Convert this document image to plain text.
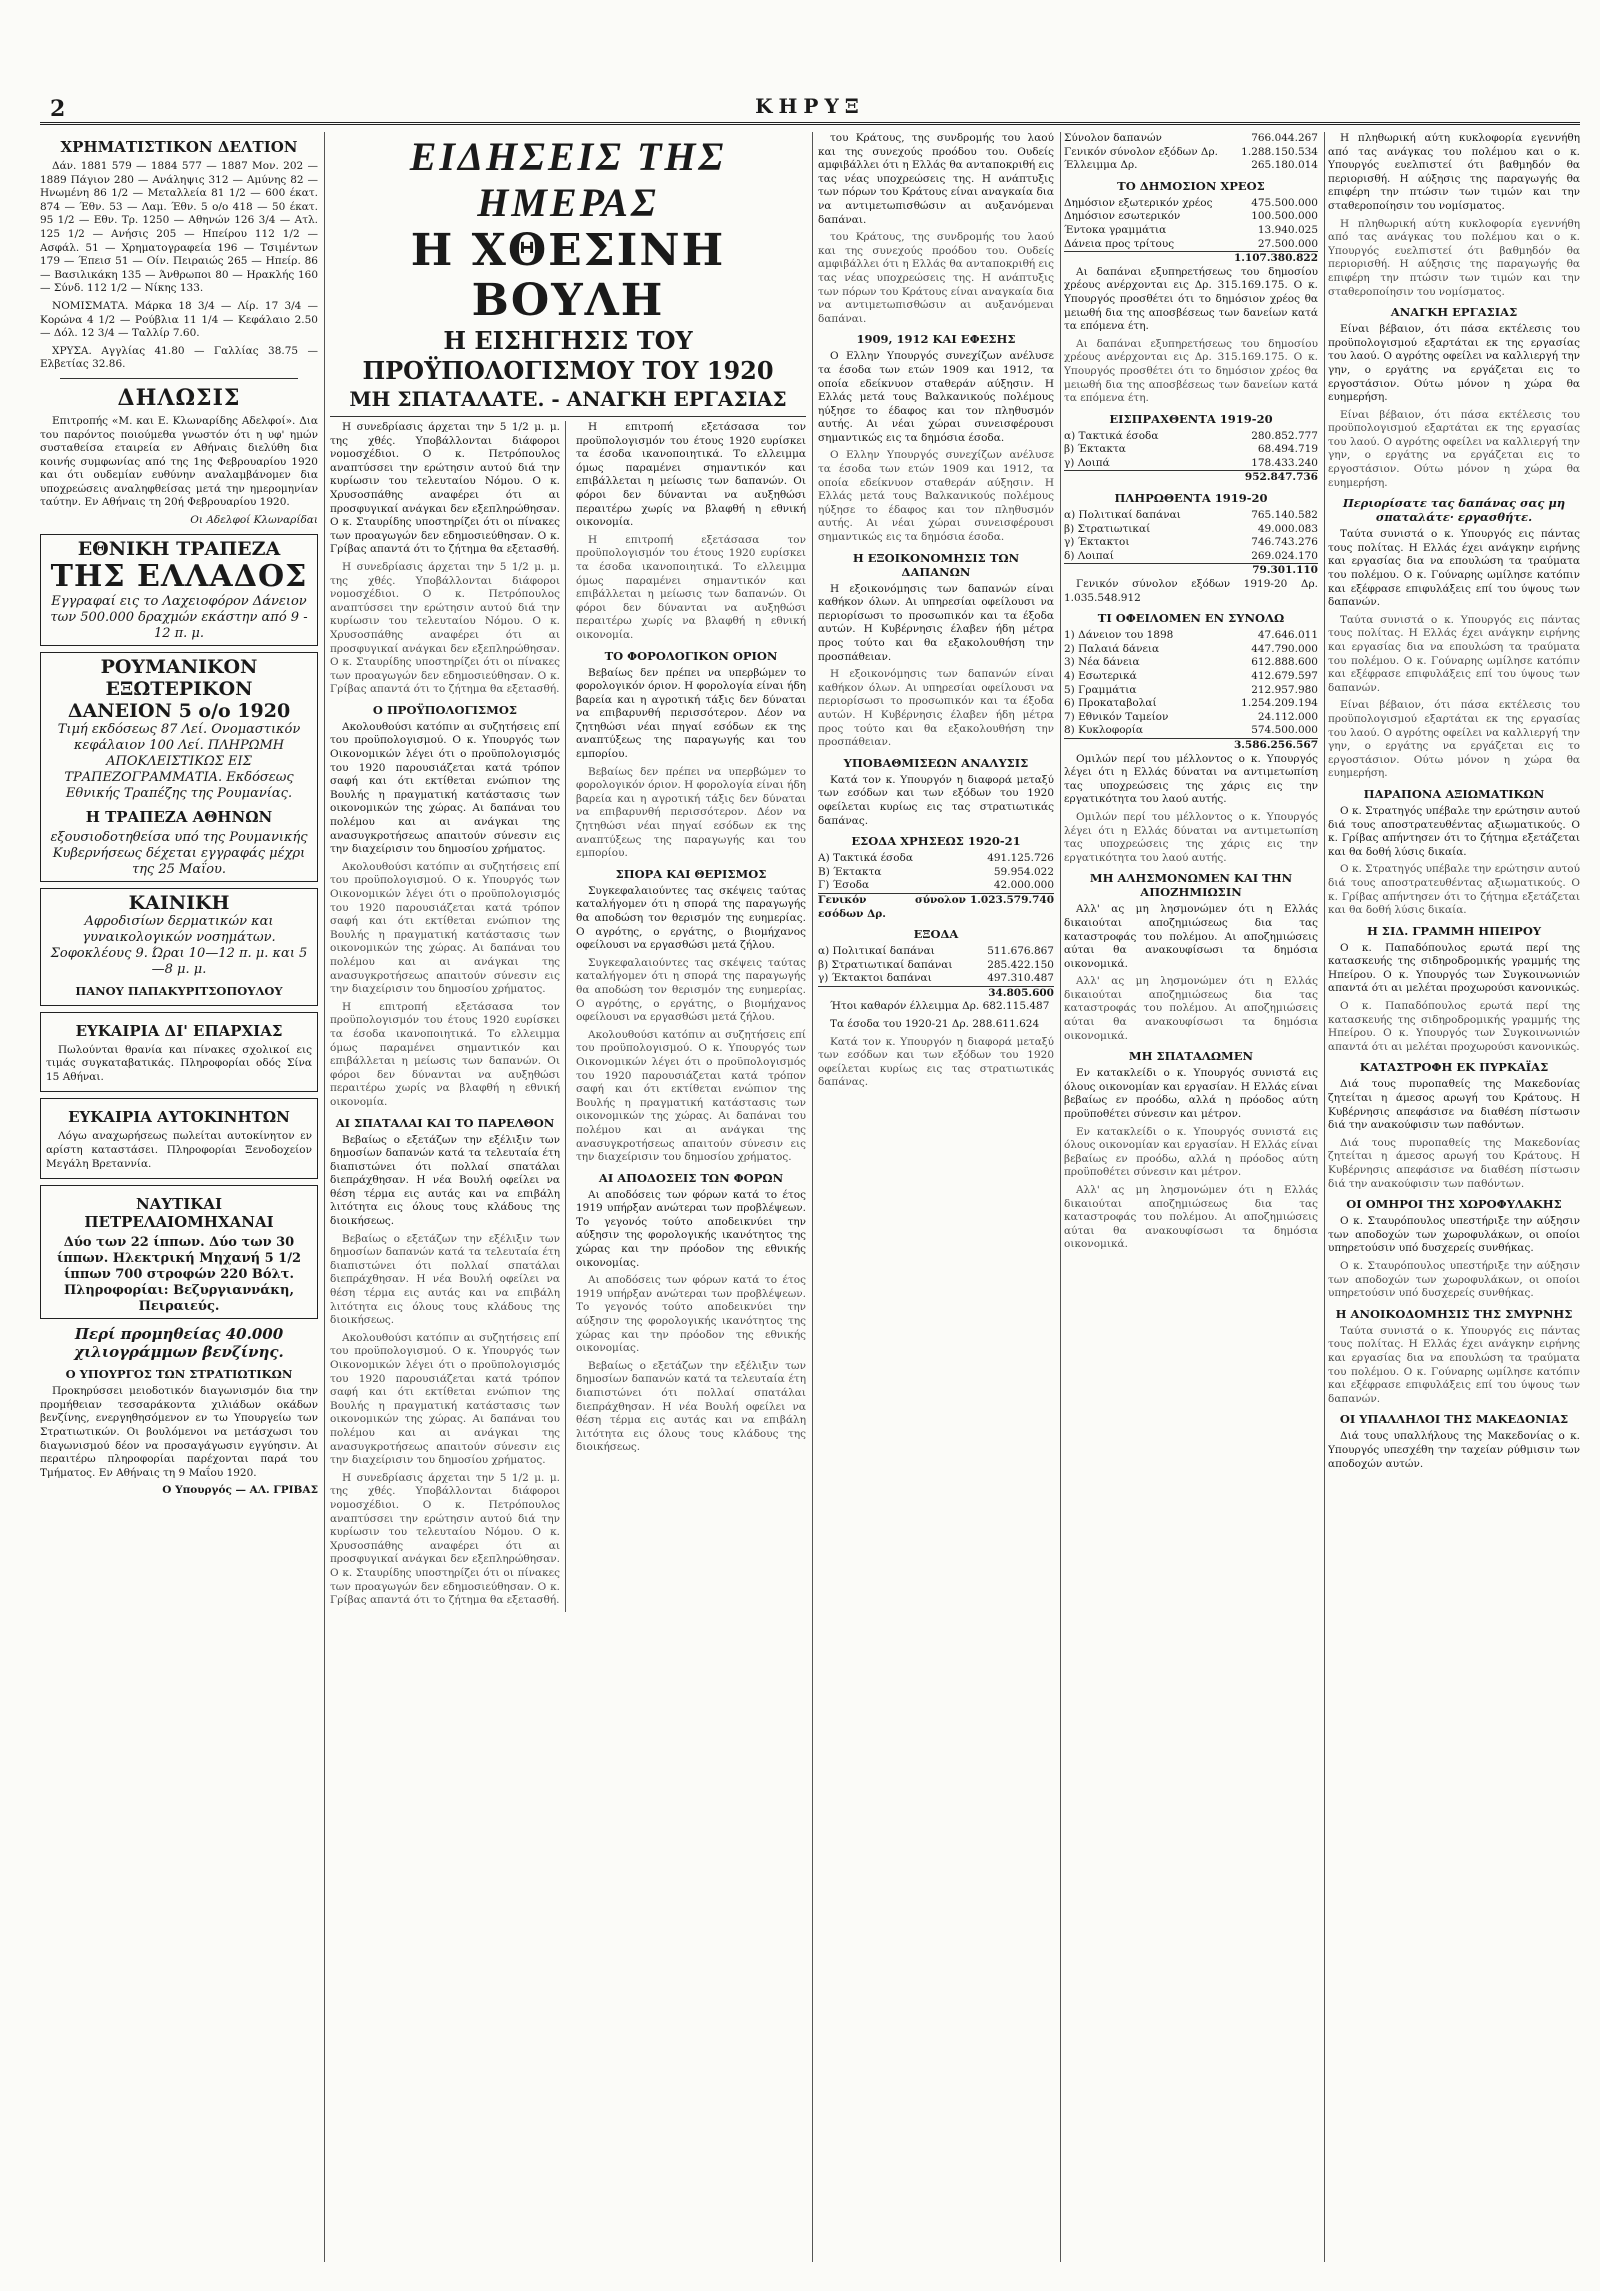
2	ΚΗΡΥΞ
ΧΡΗΜΑΤΙΣΤΙΚΟΝ ΔΕΛΤΙΟΝ

Δάν. 1881 579 — 1884 577 — 1887 Μον. 202 — 1889 Πάγιον 280 — Ανάληψις 312 — Αμύνης 82 — Ηνωμένη 86 1/2 — Μεταλλεία 81 1/2 — 600 έκατ. 874 — Έθν. 53 — Λαμ. Έθν. 5 ο/ο 418 — 50 έκατ. 95 1/2 — Εθν. Τρ. 1250 — Αθηνών 126 3/4 — Ατλ. 125 1/2 — Ανήσις 205 — Ηπείρου 112 1/2 — Ασφάλ. 51 — Χρηματογραφεία 196 — Τσιμέντων 179 — Έπεισ 51 — Οίν. Πειραιώς 265 — Ηπείρ. 86 — Βασιλικάκη 135 — Άνθρωποι 80 — Ηρακλής 160 — Σύνδ. 112 1/2 — Νίκης 133.

ΝΟΜΙΣΜΑΤΑ. Μάρκα 18 3/4 — Λίρ. 17 3/4 — Κορώνα 4 1/2 — Ρούβλια 11 1/4 — Κεφάλαιο 2.50 — Δόλ. 12 3/4 — Ταλλίρ 7.60.

ΧΡΥΣΑ. Αγγλίας 41.80 — Γαλλίας 38.75 — Ελβετίας 32.86.

ΔΗΛΩΣΙΣ

Επιτροπής «Μ. και Ε. Κλωναρίδης Αδελφοί». Δια του παρόντος ποιούμεθα γνωστόν ότι η υφ' ημών συσταθείσα εταιρεία εν Αθήναις διελύθη δια κοινής συμφωνίας από της 1ης Φεβρουαρίου 1920 και ότι ουδεμίαν ευθύνην αναλαμβάνομεν δια υποχρεώσεις αναληφθείσας μετά την ημερομηνίαν ταύτην. Εν Αθήναις τη 20ή Φεβρουαρίου 1920.

Οι Αδελφοί Κλωναρίδαι

ΕΘΝΙΚΗ ΤΡΑΠΕΖΑ
ΤΗΣ ΕΛΛΑΔΟΣ
Εγγραφαί εις το Λαχειοφόρον Δάνειον των 500.000 δραχμών εκάστην από 9 - 12 π. μ.
ΡΟΥΜΑΝΙΚΟΝ ΕΞΩΤΕΡΙΚΟΝ
ΔΑΝΕΙΟΝ 5 ο/ο 1920
Τιμή εκδόσεως 87 Λεί. Ονομαστικόν κεφάλαιον 100 Λεί. ΠΛΗΡΩΜΗ ΑΠΟΚΛΕΙΣΤΙΚΩΣ ΕΙΣ ΤΡΑΠΕΖΟΓΡΑΜΜΑΤΙΑ. Εκδόσεως Εθνικής Τραπέζης της Ρουμανίας.
Η ΤΡΑΠΕΖΑ ΑΘΗΝΩΝ
εξουσιοδοτηθείσα υπό της Ρουμανικής Κυβερνήσεως δέχεται εγγραφάς μέχρι της 25 Μαΐου.
ΚΑΙΝΙΚΗ
Αφροδισίων δερματικών και γυναικολογικών νοσημάτων. Σοφοκλέους 9. Ώραι 10—12 π. μ. και 5—8 μ. μ.
ΠΑΝΟΥ ΠΑΠΑΚΥΡΙΤΣΟΠΟΥΛΟΥ
ΕΥΚΑΙΡΙΑ ΔΙ' ΕΠΑΡΧΙΑΣ

Πωλούνται θρανία και πίνακες σχολικοί εις τιμάς συγκαταβατικάς. Πληροφορίαι οδός Σίνα 15 Αθήναι.

ΕΥΚΑΙΡΙΑ ΑΥΤΟΚΙΝΗΤΩΝ

Λόγω αναχωρήσεως πωλείται αυτοκίνητον εν αρίστη καταστάσει. Πληροφορίαι Ξενοδοχείον Μεγάλη Βρεταννία.

ΝΑΥΤΙΚΑΙ ΠΕΤΡΕΛΑΙΟΜΗΧΑΝΑΙ
Δύο των 22 ίππων. Δύο των 30 ίππων. Ηλεκτρική Μηχανή 5 1/2 ίππων 700 στροφών 220 Βόλτ. Πληροφορίαι: Βεζυργιαννάκη, Πειραιεύς.
Περί προμηθείας 40.000 χιλιογράμμων βενζίνης.
Ο ΥΠΟΥΡΓΟΣ ΤΩΝ ΣΤΡΑΤΙΩΤΙΚΩΝ

Προκηρύσσει μειοδοτικόν διαγωνισμόν δια την προμήθειαν τεσσαράκοντα χιλιάδων οκάδων βενζίνης, ενεργηθησόμενον εν τω Υπουργείω των Στρατιωτικών. Οι βουλόμενοι να μετάσχωσι του διαγωνισμού δέον να προσαγάγωσιν εγγύησιν. Αι περαιτέρω πληροφορίαι παρέχονται παρά του Τμήματος. Εν Αθήναις τη 9 Μαΐου 1920.

Ο Υπουργός — ΑΛ. ΓΡΙΒΑΣ

ΕΙΔΗΣΕΙΣ ΤΗΣ ΗΜΕΡΑΣ
Η ΧΘΕΣΙΝΗ ΒΟΥΛΗ
Η ΕΙΣΗΓΗΣΙΣ ΤΟΥ ΠΡΟΫΠΟΛΟΓΙΣΜΟΥ ΤΟΥ 1920
ΜΗ ΣΠΑΤΑΛΑΤΕ. - ΑΝΑΓΚΗ ΕΡΓΑΣΙΑΣ

Η συνεδρίασις άρχεται την 5 1/2 μ. μ. της χθές. Υποβάλλονται διάφοροι νομοσχέδιοι. Ο κ. Πετρόπουλος αναπτύσσει την ερώτησιν αυτού διά την κυρίωσιν του τελευταίου Νόμου. Ο κ. Χρυσοσπάθης αναφέρει ότι αι προσφυγικαί ανάγκαι δεν εξεπληρώθησαν. Ο κ. Σταυρίδης υποστηρίζει ότι οι πίνακες των προαγωγών δεν εδημοσιεύθησαν. Ο κ. Γρίβας απαντά ότι το ζήτημα θα εξετασθή.

Η συνεδρίασις άρχεται την 5 1/2 μ. μ. της χθές. Υποβάλλονται διάφοροι νομοσχέδιοι. Ο κ. Πετρόπουλος αναπτύσσει την ερώτησιν αυτού διά την κυρίωσιν του τελευταίου Νόμου. Ο κ. Χρυσοσπάθης αναφέρει ότι αι προσφυγικαί ανάγκαι δεν εξεπληρώθησαν. Ο κ. Σταυρίδης υποστηρίζει ότι οι πίνακες των προαγωγών δεν εδημοσιεύθησαν. Ο κ. Γρίβας απαντά ότι το ζήτημα θα εξετασθή.

Ο ΠΡΟΫΠΟΛΟΓΙΣΜΟΣ

Ακολουθούσι κατόπιν αι συζητήσεις επί του προϋπολογισμού. Ο κ. Υπουργός των Οικονομικών λέγει ότι ο προϋπολογισμός του 1920 παρουσιάζεται κατά τρόπον σαφή και ότι εκτίθεται ενώπιον της Βουλής η πραγματική κατάστασις των οικονομικών της χώρας. Αι δαπάναι του πολέμου και αι ανάγκαι της ανασυγκροτήσεως απαιτούν σύνεσιν εις την διαχείρισιν του δημοσίου χρήματος.

Ακολουθούσι κατόπιν αι συζητήσεις επί του προϋπολογισμού. Ο κ. Υπουργός των Οικονομικών λέγει ότι ο προϋπολογισμός του 1920 παρουσιάζεται κατά τρόπον σαφή και ότι εκτίθεται ενώπιον της Βουλής η πραγματική κατάστασις των οικονομικών της χώρας. Αι δαπάναι του πολέμου και αι ανάγκαι της ανασυγκροτήσεως απαιτούν σύνεσιν εις την διαχείρισιν του δημοσίου χρήματος.

Η επιτροπή εξετάσασα τον προϋπολογισμόν του έτους 1920 ευρίσκει τα έσοδα ικανοποιητικά. Το ελλειμμα όμως παραμένει σημαντικόν και επιβάλλεται η μείωσις των δαπανών. Οι φόροι δεν δύνανται να αυξηθώσι περαιτέρω χωρίς να βλαφθή η εθνική οικονομία.

ΑΙ ΣΠΑΤΑΛΑΙ ΚΑΙ ΤΟ ΠΑΡΕΛΘΟΝ

Βεβαίως ο εξετάζων την εξέλιξιν των δημοσίων δαπανών κατά τα τελευταία έτη διαπιστώνει ότι πολλαί σπατάλαι διεπράχθησαν. Η νέα Βουλή οφείλει να θέση τέρμα εις αυτάς και να επιβάλη λιτότητα εις όλους τους κλάδους της διοικήσεως.

Βεβαίως ο εξετάζων την εξέλιξιν των δημοσίων δαπανών κατά τα τελευταία έτη διαπιστώνει ότι πολλαί σπατάλαι διεπράχθησαν. Η νέα Βουλή οφείλει να θέση τέρμα εις αυτάς και να επιβάλη λιτότητα εις όλους τους κλάδους της διοικήσεως.

Ακολουθούσι κατόπιν αι συζητήσεις επί του προϋπολογισμού. Ο κ. Υπουργός των Οικονομικών λέγει ότι ο προϋπολογισμός του 1920 παρουσιάζεται κατά τρόπον σαφή και ότι εκτίθεται ενώπιον της Βουλής η πραγματική κατάστασις των οικονομικών της χώρας. Αι δαπάναι του πολέμου και αι ανάγκαι της ανασυγκροτήσεως απαιτούν σύνεσιν εις την διαχείρισιν του δημοσίου χρήματος.

Η συνεδρίασις άρχεται την 5 1/2 μ. μ. της χθές. Υποβάλλονται διάφοροι νομοσχέδιοι. Ο κ. Πετρόπουλος αναπτύσσει την ερώτησιν αυτού διά την κυρίωσιν του τελευταίου Νόμου. Ο κ. Χρυσοσπάθης αναφέρει ότι αι προσφυγικαί ανάγκαι δεν εξεπληρώθησαν. Ο κ. Σταυρίδης υποστηρίζει ότι οι πίνακες των προαγωγών δεν εδημοσιεύθησαν. Ο κ. Γρίβας απαντά ότι το ζήτημα θα εξετασθή.

Η επιτροπή εξετάσασα τον προϋπολογισμόν του έτους 1920 ευρίσκει τα έσοδα ικανοποιητικά. Το ελλειμμα όμως παραμένει σημαντικόν και επιβάλλεται η μείωσις των δαπανών. Οι φόροι δεν δύνανται να αυξηθώσι περαιτέρω χωρίς να βλαφθή η εθνική οικονομία.

Η επιτροπή εξετάσασα τον προϋπολογισμόν του έτους 1920 ευρίσκει τα έσοδα ικανοποιητικά. Το ελλειμμα όμως παραμένει σημαντικόν και επιβάλλεται η μείωσις των δαπανών. Οι φόροι δεν δύνανται να αυξηθώσι περαιτέρω χωρίς να βλαφθή η εθνική οικονομία.

ΤΟ ΦΟΡΟΛΟΓΙΚΟΝ ΟΡΙΟΝ

Βεβαίως δεν πρέπει να υπερβώμεν το φορολογικόν όριον. Η φορολογία είναι ήδη βαρεία και η αγροτική τάξις δεν δύναται να επιβαρυνθή περισσότερον. Δέον να ζητηθώσι νέαι πηγαί εσόδων εκ της αναπτύξεως της παραγωγής και του εμπορίου.

Βεβαίως δεν πρέπει να υπερβώμεν το φορολογικόν όριον. Η φορολογία είναι ήδη βαρεία και η αγροτική τάξις δεν δύναται να επιβαρυνθή περισσότερον. Δέον να ζητηθώσι νέαι πηγαί εσόδων εκ της αναπτύξεως της παραγωγής και του εμπορίου.

ΣΠΟΡΑ ΚΑΙ ΘΕΡΙΣΜΟΣ

Συγκεφαλαιούντες τας σκέψεις ταύτας καταλήγομεν ότι η σπορά της παραγωγής θα αποδώση τον θερισμόν της ευημερίας. Ο αγρότης, ο εργάτης, ο βιομήχανος οφείλουσι να εργασθώσι μετά ζήλου.

Συγκεφαλαιούντες τας σκέψεις ταύτας καταλήγομεν ότι η σπορά της παραγωγής θα αποδώση τον θερισμόν της ευημερίας. Ο αγρότης, ο εργάτης, ο βιομήχανος οφείλουσι να εργασθώσι μετά ζήλου.

Ακολουθούσι κατόπιν αι συζητήσεις επί του προϋπολογισμού. Ο κ. Υπουργός των Οικονομικών λέγει ότι ο προϋπολογισμός του 1920 παρουσιάζεται κατά τρόπον σαφή και ότι εκτίθεται ενώπιον της Βουλής η πραγματική κατάστασις των οικονομικών της χώρας. Αι δαπάναι του πολέμου και αι ανάγκαι της ανασυγκροτήσεως απαιτούν σύνεσιν εις την διαχείρισιν του δημοσίου χρήματος.

ΑΙ ΑΠΟΔΟΣΕΙΣ ΤΩΝ ΦΟΡΩΝ

Αι αποδόσεις των φόρων κατά το έτος 1919 υπήρξαν ανώτεραι των προβλέψεων. Το γεγονός τούτο αποδεικνύει την αύξησιν της φορολογικής ικανότητος της χώρας και την πρόοδον της εθνικής οικονομίας.

Αι αποδόσεις των φόρων κατά το έτος 1919 υπήρξαν ανώτεραι των προβλέψεων. Το γεγονός τούτο αποδεικνύει την αύξησιν της φορολογικής ικανότητος της χώρας και την πρόοδον της εθνικής οικονομίας.

Βεβαίως ο εξετάζων την εξέλιξιν των δημοσίων δαπανών κατά τα τελευταία έτη διαπιστώνει ότι πολλαί σπατάλαι διεπράχθησαν. Η νέα Βουλή οφείλει να θέση τέρμα εις αυτάς και να επιβάλη λιτότητα εις όλους τους κλάδους της διοικήσεως.

του Κράτους, της συνδρομής του λαού και της συνεχούς προόδου του. Ουδείς αμφιβάλλει ότι η Ελλάς θα ανταποκριθή εις τας νέας υποχρεώσεις της. Η ανάπτυξις των πόρων του Κράτους είναι αναγκαία δια να αντιμετωπισθώσιν αι αυξανόμεναι δαπάναι.

του Κράτους, της συνδρομής του λαού και της συνεχούς προόδου του. Ουδείς αμφιβάλλει ότι η Ελλάς θα ανταποκριθή εις τας νέας υποχρεώσεις της. Η ανάπτυξις των πόρων του Κράτους είναι αναγκαία δια να αντιμετωπισθώσιν αι αυξανόμεναι δαπάναι.

1909, 1912 ΚΑΙ ΕΦΕΣΗΣ

Ο Ελλην Υπουργός συνεχίζων ανέλυσε τα έσοδα των ετών 1909 και 1912, τα οποία εδείκνυον σταθεράν αύξησιν. Η Ελλάς μετά τους Βαλκανικούς πολέμους ηύξησε το έδαφος και τον πληθυσμόν αυτής. Αι νέαι χώραι συνεισφέρουσι σημαντικώς εις τα δημόσια έσοδα.

Ο Ελλην Υπουργός συνεχίζων ανέλυσε τα έσοδα των ετών 1909 και 1912, τα οποία εδείκνυον σταθεράν αύξησιν. Η Ελλάς μετά τους Βαλκανικούς πολέμους ηύξησε το έδαφος και τον πληθυσμόν αυτής. Αι νέαι χώραι συνεισφέρουσι σημαντικώς εις τα δημόσια έσοδα.

Η ΕΞΟΙΚΟΝΟΜΗΣΙΣ ΤΩΝ ΔΑΠΑΝΩΝ

Η εξοικονόμησις των δαπανών είναι καθήκον όλων. Αι υπηρεσίαι οφείλουσι να περιορίσωσι το προσωπικόν και τα έξοδα αυτών. Η Κυβέρνησις έλαβεν ήδη μέτρα προς τούτο και θα εξακολουθήση την προσπάθειαν.

Η εξοικονόμησις των δαπανών είναι καθήκον όλων. Αι υπηρεσίαι οφείλουσι να περιορίσωσι το προσωπικόν και τα έξοδα αυτών. Η Κυβέρνησις έλαβεν ήδη μέτρα προς τούτο και θα εξακολουθήση την προσπάθειαν.

ΥΠΟΒΑΘΜΙΣΕΩΝ ΑΝΑΛΥΣΙΣ

Κατά τον κ. Υπουργόν η διαφορά μεταξύ των εσόδων και των εξόδων του 1920 οφείλεται κυρίως εις τας στρατιωτικάς δαπάνας.

ΕΣΟΔΑ ΧΡΗΣΕΩΣ 1920-21
Α) Τακτικά έσοδα	491.125.726
Β) Έκτακτα	59.954.022
Γ) Έσοδα	42.000.000
Γενικόν σύνολον εσόδων Δρ.	1.023.579.740
ΕΞΟΔΑ
α) Πολιτικαί δαπάναι	511.676.867
β) Στρατιωτικαί δαπάναι	285.422.150
γ) Έκτακτοι δαπάναι	497.310.487
	34.805.600

Ήτοι καθαρόν έλλειμμα Δρ. 682.115.487

Τα έσοδα του 1920-21 Δρ. 288.611.624

Κατά τον κ. Υπουργόν η διαφορά μεταξύ των εσόδων και των εξόδων του 1920 οφείλεται κυρίως εις τας στρατιωτικάς δαπάνας.

Σύνολον δαπανών	766.044.267
Γενικόν σύνολον εξόδων Δρ.	1.288.150.534
Έλλειμμα Δρ.	265.180.014
ΤΟ ΔΗΜΟΣΙΟΝ ΧΡΕΟΣ
Δημόσιον εξωτερικόν χρέος	475.500.000
Δημόσιον εσωτερικόν	100.500.000
Έντοκα γραμμάτια	13.940.025
Δάνεια προς τρίτους	27.500.000
	1.107.380.822

Αι δαπάναι εξυπηρετήσεως του δημοσίου χρέους ανέρχονται εις Δρ. 315.169.175. Ο κ. Υπουργός προσθέτει ότι το δημόσιον χρέος θα μειωθή δια της αποσβέσεως των δανείων κατά τα επόμενα έτη.

Αι δαπάναι εξυπηρετήσεως του δημοσίου χρέους ανέρχονται εις Δρ. 315.169.175. Ο κ. Υπουργός προσθέτει ότι το δημόσιον χρέος θα μειωθή δια της αποσβέσεως των δανείων κατά τα επόμενα έτη.

ΕΙΣΠΡΑΧΘΕΝΤΑ 1919-20
α) Τακτικά έσοδα	280.852.777
β) Έκτακτα	68.494.719
γ) Λοιπά	178.433.240
	952.847.736
ΠΛΗΡΩΘΕΝΤΑ 1919-20
α) Πολιτικαί δαπάναι	765.140.582
β) Στρατιωτικαί	49.000.083
γ) Έκτακτοι	746.743.276
δ) Λοιπαί	269.024.170
	79.301.110

Γενικόν σύνολον εξόδων 1919-20 Δρ. 1.035.548.912

ΤΙ ΟΦΕΙΛΟΜΕΝ ΕΝ ΣΥΝΟΛΩ
1) Δάνειον του 1898	47.646.011
2) Παλαιά δάνεια	447.790.000
3) Νέα δάνεια	612.888.600
4) Εσωτερικά	412.679.597
5) Γραμμάτια	212.957.980
6) Προκαταβολαί	1.254.209.194
7) Εθνικόν Ταμείον	24.112.000
8) Κυκλοφορία	574.500.000
	3.586.256.567

Ομιλών περί του μέλλοντος ο κ. Υπουργός λέγει ότι η Ελλάς δύναται να αντιμετωπίση τας υποχρεώσεις της χάρις εις την εργατικότητα του λαού αυτής.

Ομιλών περί του μέλλοντος ο κ. Υπουργός λέγει ότι η Ελλάς δύναται να αντιμετωπίση τας υποχρεώσεις της χάρις εις την εργατικότητα του λαού αυτής.

ΜΗ ΑΛΗΣΜΟΝΩΜΕΝ ΚΑΙ ΤΗΝ ΑΠΟΖΗΜΙΩΣΙΝ

Αλλ' ας μη λησμονώμεν ότι η Ελλάς δικαιούται αποζημιώσεως δια τας καταστροφάς του πολέμου. Αι αποζημιώσεις αύται θα ανακουφίσωσι τα δημόσια οικονομικά.

Αλλ' ας μη λησμονώμεν ότι η Ελλάς δικαιούται αποζημιώσεως δια τας καταστροφάς του πολέμου. Αι αποζημιώσεις αύται θα ανακουφίσωσι τα δημόσια οικονομικά.

ΜΗ ΣΠΑΤΑΛΩΜΕΝ

Εν κατακλείδι ο κ. Υπουργός συνιστά εις όλους οικονομίαν και εργασίαν. Η Ελλάς είναι βεβαίως εν προόδω, αλλά η πρόοδος αύτη προϋποθέτει σύνεσιν και μέτρον.

Εν κατακλείδι ο κ. Υπουργός συνιστά εις όλους οικονομίαν και εργασίαν. Η Ελλάς είναι βεβαίως εν προόδω, αλλά η πρόοδος αύτη προϋποθέτει σύνεσιν και μέτρον.

Αλλ' ας μη λησμονώμεν ότι η Ελλάς δικαιούται αποζημιώσεως δια τας καταστροφάς του πολέμου. Αι αποζημιώσεις αύται θα ανακουφίσωσι τα δημόσια οικονομικά.

Η πληθωρική αύτη κυκλοφορία εγεννήθη από τας ανάγκας του πολέμου και ο κ. Υπουργός ευελπιστεί ότι βαθμηδόν θα περιορισθή. Η αύξησις της παραγωγής θα επιφέρη την πτώσιν των τιμών και την σταθεροποίησιν του νομίσματος.

Η πληθωρική αύτη κυκλοφορία εγεννήθη από τας ανάγκας του πολέμου και ο κ. Υπουργός ευελπιστεί ότι βαθμηδόν θα περιορισθή. Η αύξησις της παραγωγής θα επιφέρη την πτώσιν των τιμών και την σταθεροποίησιν του νομίσματος.

ΑΝΑΓΚΗ ΕΡΓΑΣΙΑΣ

Είναι βέβαιον, ότι πάσα εκτέλεσις του προϋπολογισμού εξαρτάται εκ της εργασίας του λαού. Ο αγρότης οφείλει να καλλιεργή την γην, ο εργάτης να εργάζεται εις το εργοστάσιον. Ούτω μόνον η χώρα θα ευημερήση.

Είναι βέβαιον, ότι πάσα εκτέλεσις του προϋπολογισμού εξαρτάται εκ της εργασίας του λαού. Ο αγρότης οφείλει να καλλιεργή την γην, ο εργάτης να εργάζεται εις το εργοστάσιον. Ούτω μόνον η χώρα θα ευημερήση.

Περιορίσατε τας δαπάνας σας μη σπαταλάτε· εργασθήτε.

Ταύτα συνιστά ο κ. Υπουργός εις πάντας τους πολίτας. Η Ελλάς έχει ανάγκην ειρήνης και εργασίας δια να επουλώση τα τραύματα του πολέμου. Ο κ. Γούναρης ωμίλησε κατόπιν και εξέφρασε επιφυλάξεις επί του ύψους των δαπανών.

Ταύτα συνιστά ο κ. Υπουργός εις πάντας τους πολίτας. Η Ελλάς έχει ανάγκην ειρήνης και εργασίας δια να επουλώση τα τραύματα του πολέμου. Ο κ. Γούναρης ωμίλησε κατόπιν και εξέφρασε επιφυλάξεις επί του ύψους των δαπανών.

Είναι βέβαιον, ότι πάσα εκτέλεσις του προϋπολογισμού εξαρτάται εκ της εργασίας του λαού. Ο αγρότης οφείλει να καλλιεργή την γην, ο εργάτης να εργάζεται εις το εργοστάσιον. Ούτω μόνον η χώρα θα ευημερήση.

ΠΑΡΑΠΟΝΑ ΑΞΙΩΜΑΤΙΚΩΝ

Ο κ. Στρατηγός υπέβαλε την ερώτησιν αυτού διά τους αποστρατευθέντας αξιωματικούς. Ο κ. Γρίβας απήντησεν ότι το ζήτημα εξετάζεται και θα δοθή λύσις δικαία.

Ο κ. Στρατηγός υπέβαλε την ερώτησιν αυτού διά τους αποστρατευθέντας αξιωματικούς. Ο κ. Γρίβας απήντησεν ότι το ζήτημα εξετάζεται και θα δοθή λύσις δικαία.

Η ΣΙΔ. ΓΡΑΜΜΗ ΗΠΕΙΡΟΥ

Ο κ. Παπαδόπουλος ερωτά περί της κατασκευής της σιδηροδρομικής γραμμής της Ηπείρου. Ο κ. Υπουργός των Συγκοινωνιών απαντά ότι αι μελέται προχωρούσι κανονικώς.

Ο κ. Παπαδόπουλος ερωτά περί της κατασκευής της σιδηροδρομικής γραμμής της Ηπείρου. Ο κ. Υπουργός των Συγκοινωνιών απαντά ότι αι μελέται προχωρούσι κανονικώς.

ΚΑΤΑΣΤΡΟΦΗ ΕΚ ΠΥΡΚΑΪΑΣ

Διά τους πυροπαθείς της Μακεδονίας ζητείται η άμεσος αρωγή του Κράτους. Η Κυβέρνησις απεφάσισε να διαθέση πίστωσιν διά την ανακούφισιν των παθόντων.

Διά τους πυροπαθείς της Μακεδονίας ζητείται η άμεσος αρωγή του Κράτους. Η Κυβέρνησις απεφάσισε να διαθέση πίστωσιν διά την ανακούφισιν των παθόντων.

ΟΙ ΟΜΗΡΟΙ ΤΗΣ ΧΩΡΟΦΥΛΑΚΗΣ

Ο κ. Σταυρόπουλος υπεστήριξε την αύξησιν των αποδοχών των χωροφυλάκων, οι οποίοι υπηρετούσιν υπό δυσχερείς συνθήκας.

Ο κ. Σταυρόπουλος υπεστήριξε την αύξησιν των αποδοχών των χωροφυλάκων, οι οποίοι υπηρετούσιν υπό δυσχερείς συνθήκας.

Η ΑΝΟΙΚΟΔΟΜΗΣΙΣ ΤΗΣ ΣΜΥΡΝΗΣ

Ταύτα συνιστά ο κ. Υπουργός εις πάντας τους πολίτας. Η Ελλάς έχει ανάγκην ειρήνης και εργασίας δια να επουλώση τα τραύματα του πολέμου. Ο κ. Γούναρης ωμίλησε κατόπιν και εξέφρασε επιφυλάξεις επί του ύψους των δαπανών.

ΟΙ ΥΠΑΛΛΗΛΟΙ ΤΗΣ ΜΑΚΕΔΟΝΙΑΣ

Διά τους υπαλλήλους της Μακεδονίας ο κ. Υπουργός υπεσχέθη την ταχείαν ρύθμισιν των αποδοχών αυτών.
